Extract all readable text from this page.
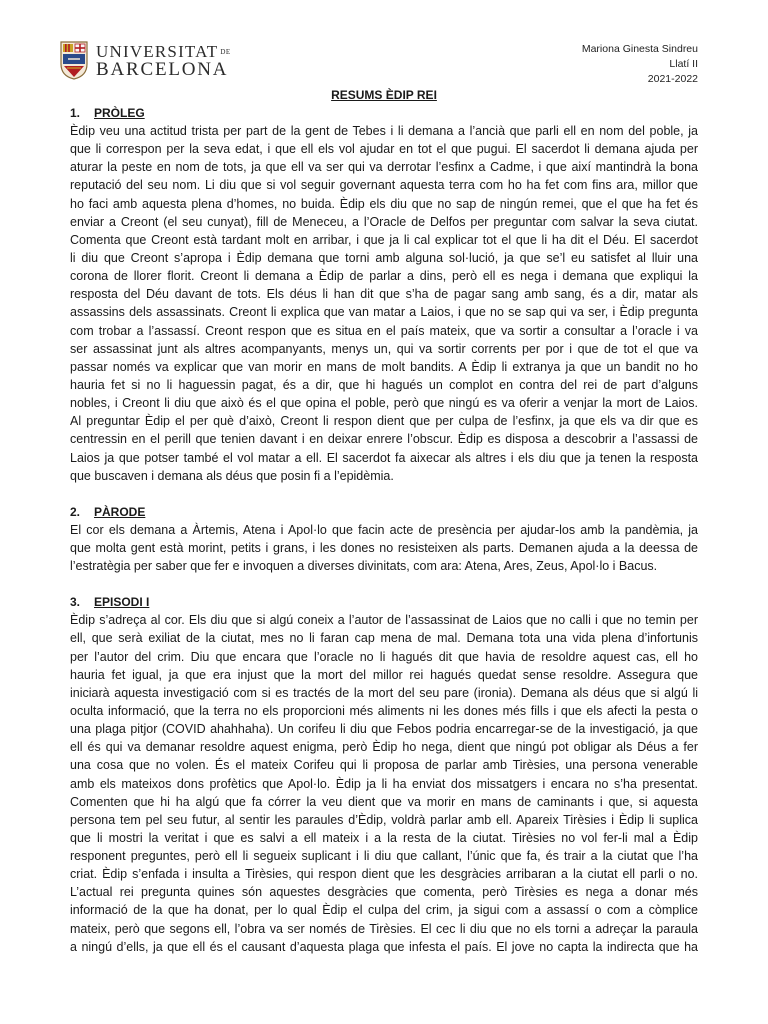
UNIVERSITAT DE
BARCELONA
Mariona Ginesta Sindreu
Llatí II
2021-2022
RESUMS ÈDIP REI
1. PRÒLEG
Èdip veu una actitud trista per part de la gent de Tebes i li demana a l’ancià que parli ell en nom del poble, ja
que li correspon per la seva edat, i que ell els vol ajudar en tot el que pugui. El sacerdot li demana ajuda per
aturar la peste en nom de tots, ja que ell va ser qui va derrotar l’esfinx a Cadme, i que així mantindrà la bona
reputació del seu nom. Li diu que si vol seguir governant aquesta terra com ho ha fet com fins ara, millor que
ho faci amb aquesta plena d’homes, no buida. Èdip els diu que no sap de ningún remei, que el que ha fet és
enviar a Creont (el seu cunyat), fill de Meneceu, a l’Oracle de Delfos per preguntar com salvar la seva ciutat.
Comenta que Creont està tardant molt en arribar, i que ja li cal explicar tot el que li ha dit el Déu. El sacerdot
li diu que Creont s’apropa i Èdip demana que torni amb alguna sol·lució, ja que se’l eu satisfet al lluir una
corona de llorer florit. Creont li demana a Èdip de parlar a dins, però ell es nega i demana que expliqui la
resposta del Déu davant de tots. Els déus li han dit que s’ha de pagar sang amb sang, és a dir, matar als
assassins dels assassinats. Creont li explica que van matar a Laios, i que no se sap qui va ser, i Èdip pregunta
com trobar a l’assassí. Creont respon que es situa en el país mateix, que va sortir a consultar a l’oracle i va
ser assassinat junt als altres acompanyants, menys un, qui va sortir corrents per por i que de tot el que va
passar només va explicar que van morir en mans de molt bandits. A Èdip li extranya ja que un bandit no ho
hauria fet si no li haguessin pagat, és a dir, que hi hagués un complot en contra del rei de part d’alguns
nobles, i Creont li diu que això és el que opina el poble, però que ningú es va oferir a venjar la mort de Laios.
Al preguntar Èdip el per què d’això, Creont li respon dient que per culpa de l’esfinx, ja que els va dir que es
centressin en el perill que tenien davant i en deixar enrere l’obscur. Èdip es disposa a descobrir a l’assassi de
Laios ja que potser també el vol matar a ell. El sacerdot fa aixecar als altres i els diu que ja tenen la resposta
que buscaven i demana als déus que posin fi a l’epidèmia.
2. PÀRODE
El cor els demana a Àrtemis, Atena i Apol·lo que facin acte de presència per ajudar-los amb la pandèmia, ja
que molta gent està morint, petits i grans, i les dones no resisteixen als parts. Demanen ajuda a la deessa de
l’estratègia per saber que fer e invoquen a diverses divinitats, com ara: Atena, Ares, Zeus, Apol·lo i Bacus.
3. EPISODI I
Èdip s’adreça al cor. Els diu que si algú coneix a l’autor de l’assassinat de Laios que no calli i que no temin per
ell, que serà exiliat de la ciutat, mes no li faran cap mena de mal. Demana tota una vida plena d’infortunis
per l’autor del crim. Diu que encara que l’oracle no li hagués dit que havia de resoldre aquest cas, ell ho
hauria fet igual, ja que era injust que la mort del millor rei hagués quedat sense resoldre. Assegura que
iniciarà aquesta investigació com si es tractés de la mort del seu pare (ironia). Demana als déus que si algú li
oculta informació, que la terra no els proporcioni més aliments ni les dones més fills i que els afecti la pesta o
una plaga pitjor (COVID ahahhaha). Un corifeu li diu que Febos podria encarregar-se de la investigació, ja que
ell és qui va demanar resoldre aquest enigma, però Èdip ho nega, dient que ningú pot obligar als Déus a fer
una cosa que no volen. És el mateix Corifeu qui li proposa de parlar amb Tirèsies, una persona venerable
amb els mateixos dons profètics que Apol·lo. Èdip ja li ha enviat dos missatgers i encara no s’ha presentat.
Comenten que hi ha algú que fa córrer la veu dient que va morir en mans de caminants i que, si aquesta
persona tem pel seu futur, al sentir les paraules d’Èdip, voldrà parlar amb ell. Apareix Tirèsies i Èdip li suplica
que li mostri la veritat i que es salvi a ell mateix i a la resta de la ciutat. Tirèsies no vol fer-li mal a Èdip
responent preguntes, però ell li segueix suplicant i li diu que callant, l’únic que fa, és trair a la ciutat que l’ha
criat. Èdip s’enfada i insulta a Tirèsies, qui respon dient que les desgràcies arribaran a la ciutat ell parli o no.
L’actual rei pregunta quines són aquestes desgràcies que comenta, però Tirèsies es nega a donar més
informació de la que ha donat, per lo qual Èdip el culpa del crim, ja sigui com a assassí o com a còmplice
mateix, però que segons ell, l’obra va ser només de Tirèsies. El cec li diu que no els torni a adreçar la paraula
a ningú d’ells, ja que ell és el causant d’aquesta plaga que infesta el país. El jove no capta la indirecta que ha
